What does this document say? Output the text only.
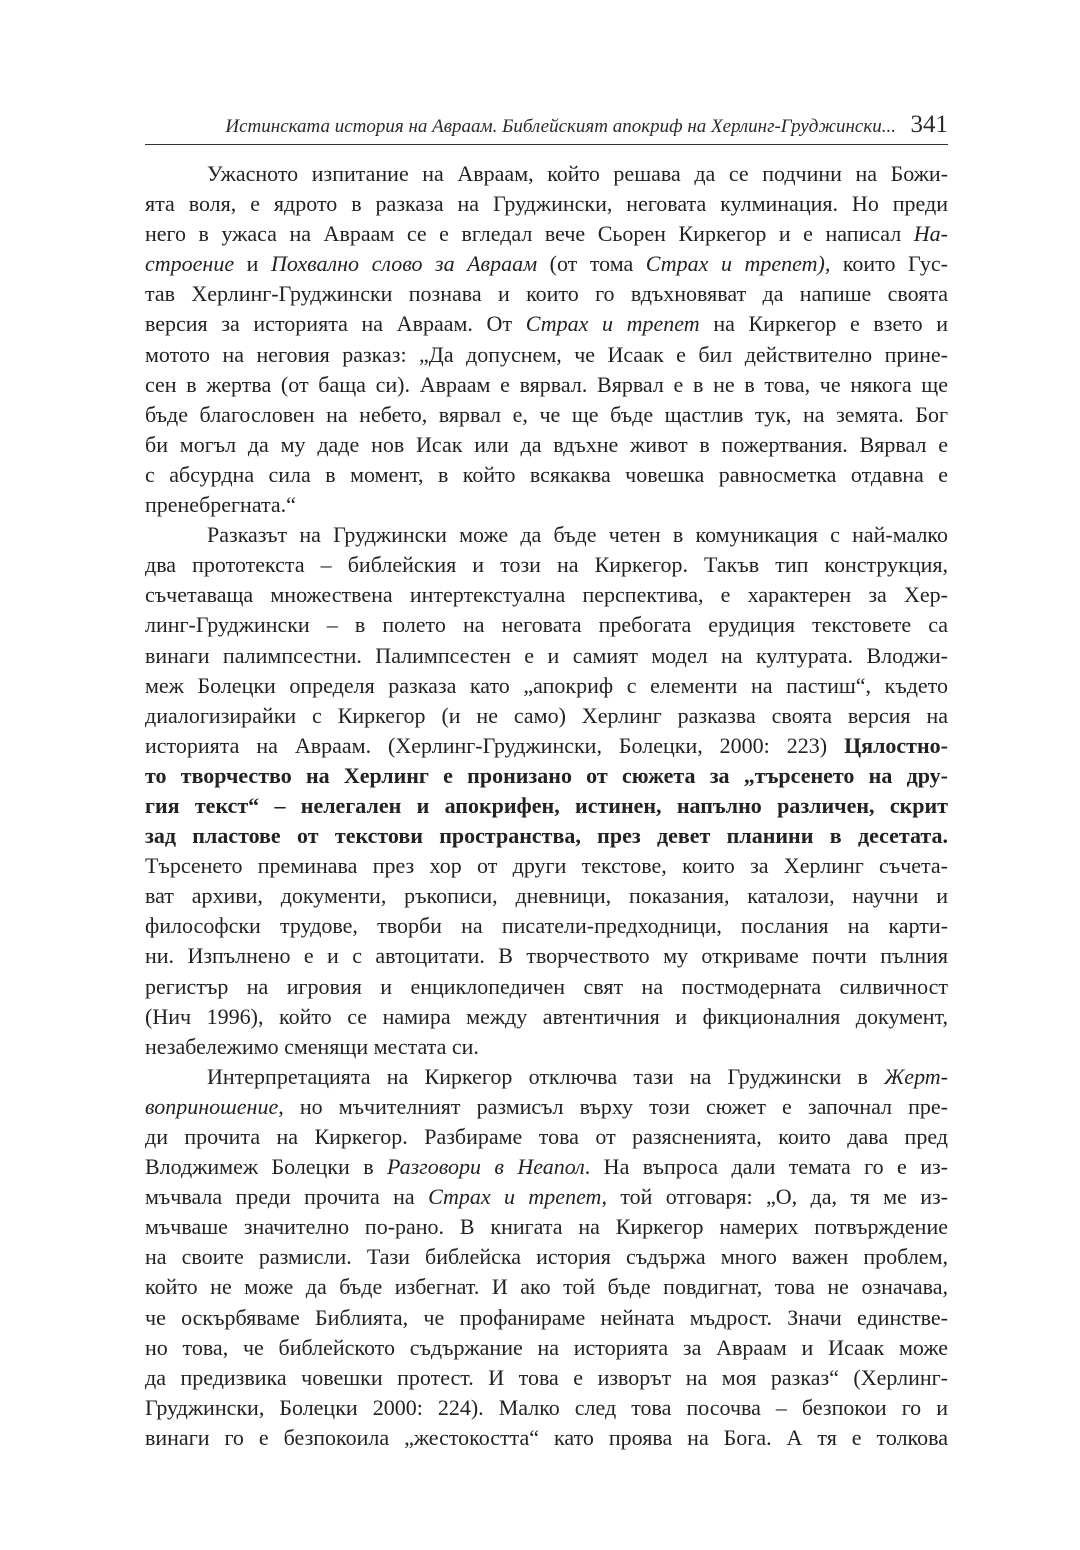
Истинската история на Авраам. Библейският апокриф на Херлинг-Груджински... 341
Ужасното изпитание на Авраам, който решава да се подчини на Божи-
ята воля, е ядрото в разказа на Груджински, неговата кулминация. Но преди
него в ужаса на Авраам се е вгледал вече Сьорен Киркегор и е написал На-
строение и Похвално слово за Авраам (от тома Страх и трепет), които Гус-
тав Херлинг-Груджински познава и които го вдъхновяват да напише своята
версия за историята на Авраам. От Страх и трепет на Киркегор е взето и
мотото на неговия разказ: „Да допуснем, че Исаак е бил действително принe-
сен в жертва (от баща си). Авраам е вярвал. Вярвал е в не в това, че някога ще
бъде благословен на небето, вярвал е, че ще бъде щастлив тук, на земята. Бог
би могъл да му даде нов Исак или да вдъхне живот в пожертвания. Вярвал е
с абсурдна сила в момент, в който всякаква човешка равносметка отдавна е
пренебрегната.“
Разказът на Груджински може да бъде четен в комуникация с най-малко
два прототекста – библейския и този на Киркегор. Такъв тип конструкция,
съчетаваща множествена интертекстуална перспектива, е характерен за Хер-
линг-Груджински – в полето на неговата пребогата ерудиция текстовете са
винаги палимпсестни. Палимпсестен е и самият модел на културата. Влоджи-
меж Болецки определя разказа като „апокриф с елементи на пастиш“, където
диалогизирайки с Киркегор (и не само) Херлинг разказва своята версия на
историята на Авраам. (Херлинг-Груджински, Болецки, 2000: 223) Цялостно-
то творчество на Херлинг е пронизано от сюжета за „търсенето на дру-
гия текст“ – нелегален и апокрифен, истинен, напълно различен, скрит
зад пластове от текстови пространства, през девет планини в десетата.
Търсенето преминава през хор от други текстове, които за Херлинг съчета-
ват архиви, документи, ръкописи, дневници, показания, каталози, научни и
философски трудове, творби на писатели-предходници, послания на карти-
ни. Изпълнено е и с автоцитати. В творчеството му откриваме почти пълния
регистър на игровия и енциклопедичен свят на постмодерната силвичност
(Нич 1996), който се намира между автентичния и фикционалния документ,
незабележимо сменящи местата си.
Интерпретацията на Киркегор отключва тази на Груджински в Жерт-
воприношение, но мъчителният размисъл върху този сюжет е започнал пре-
ди прочита на Киркегор. Разбираме това от разясненията, които дава пред
Влоджимеж Болецки в Разговори в Неапол. На въпроса дали темата го е из-
мъчвала преди прочита на Страх и трепет, той отговаря: „О, да, тя ме из-
мъчваше значително по-рано. В книгата на Киркегор намерих потвърждение
на своите размисли. Тази библейска история съдържа много важен проблем,
който не може да бъде избегнат. И ако той бъде повдигнат, това не означава,
че оскърбяваме Библията, че профанираме нейната мъдрост. Значи единстве-
но това, че библейското съдържание на историята за Авраам и Исаак може
да предизвика човешки протест. И това е изворът на моя разказ“ (Херлинг-
Груджински, Болецки 2000: 224). Малко след това посочва – безпокои го и
винаги го е безпокоила „жестокостта“ като проява на Бога. А тя е толкова
